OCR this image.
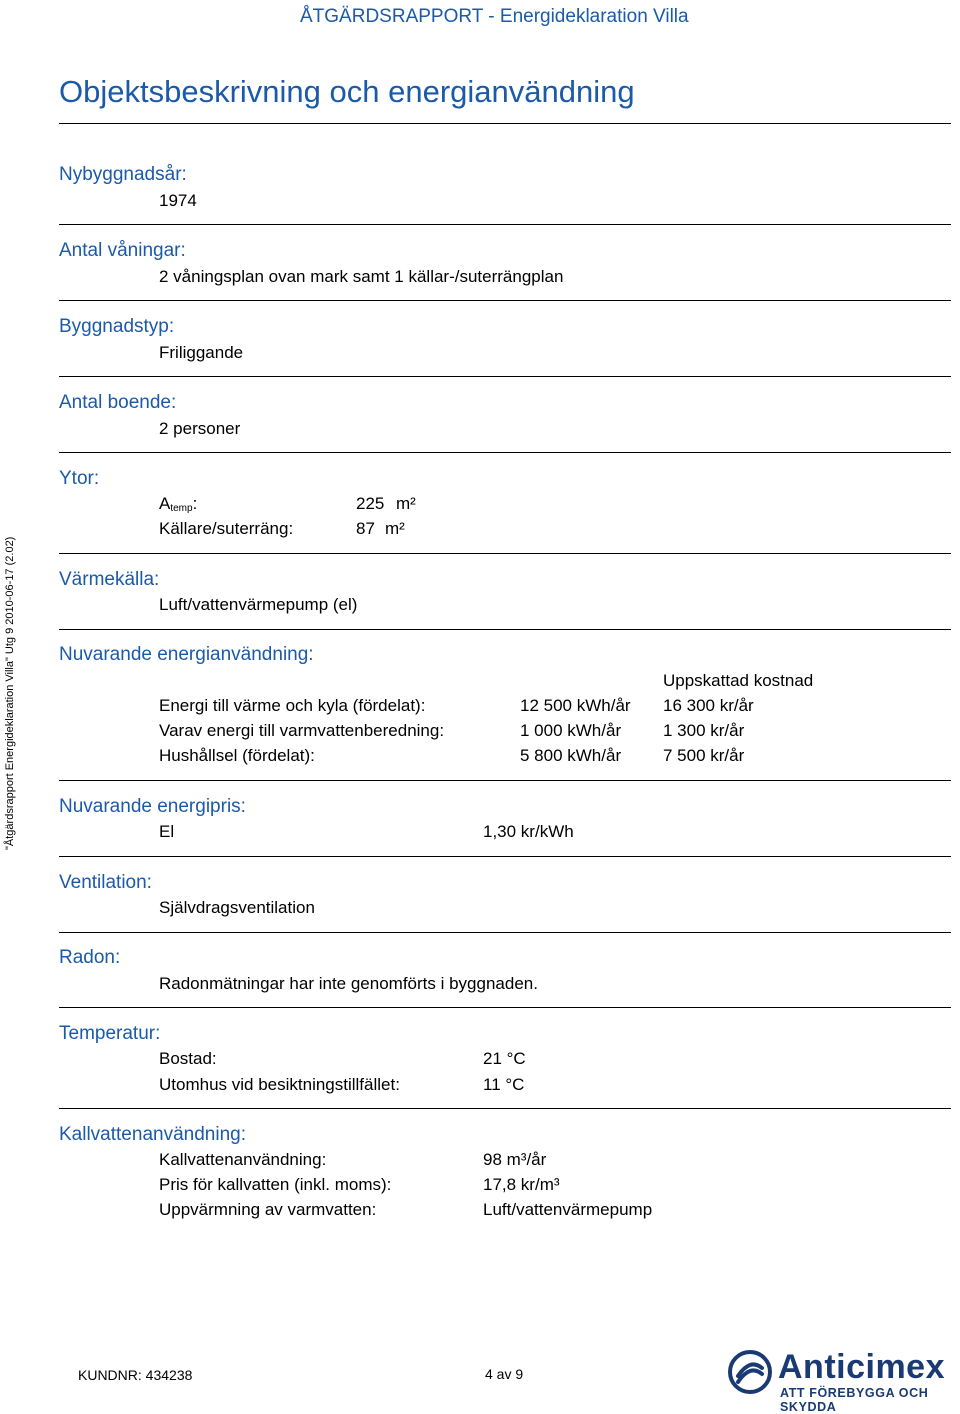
ÅTGÄRDSRAPPORT - Energideklaration Villa
"Åtgärdsrapport Energideklaration Villa" Utg 9 2010-06-17 (2.02)
Objektsbeskrivning och energianvändning
Nybyggnadsår:
1974
Antal våningar:
2 våningsplan ovan mark samt 1 källar-/suterrängplan
Byggnadstyp:
Friliggande
Antal boende:
2 personer
Ytor:
$A_{temp}$:	225 m²
Källare/suterräng:	87 m²
Värmekälla:
Luft/vattenvärmepump (el)
Nuvarande energianvändning:
Uppskattad kostnad
Energi till värme och kyla (fördelat):	12 500 kWh/år 16 300 kr/år
Varav energi till varmvattenberedning:	1 000 kWh/år 1 300 kr/år
Hushållsel (fördelat):	5 800 kWh/år 7 500 kr/år
Nuvarande energipris:
El	1,30 kr/kWh
Ventilation:
Självdragsventilation
Radon:
Radonmätningar har inte genomförts i byggnaden.
Temperatur:
Bostad:	21 °C
Utomhus vid besiktningstillfället:	11 °C
Kallvattenanvändning:
Kallvattenanvändning:	98 m³/år
Pris för kallvatten (inkl. moms):	17,8 kr/m³
Uppvärmning av varmvatten:	Luft/vattenvärmepump
KUNDNR: 434238	4 av 9	Anticimex
ATT FÖREBYGGA OCH SKYDDA
